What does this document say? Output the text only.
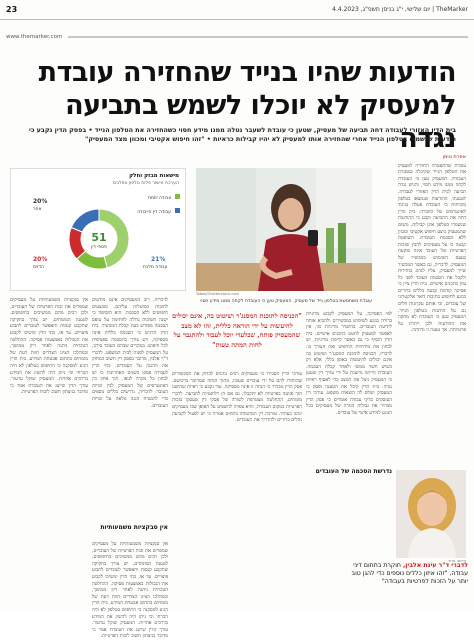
23	TheMarker | יום שלישי, י"ג בניסן תשפ"ג, 4.4.2023
www.themarker.com
הודעות שהיו בנייד שהחזירה עובדת למעסיק לא יוכלו לשמש בתביעה נגדה
בית הדין האזורי לעבודה דחה תביעה של מעסיק, שטען כי עובדת לשעבר נטלה ממנו מידע חסוי כשהחזירה את הטלפון הנייד • בפסק הדין נקבע כי הודעות שנשמרו בטלפון הנייד אחרי שהחזירה אותו למעסיק לא יהיו קבילות כראיות • "זהו חיפוש אקטיבי ומכוון מצד המעסיק"
אפרת נוימן
עובדת שהתפטרה החזירה למעסיק את הטלפון הנייד שקיבלה במסגרת העבודה. המעסיק טען כי העובדת לקחה ממנו מידע חסוי, והגיש נגדה תביעה לבית הדין האזורי לעבודה. לטענתו, ההודעות שנמצאו בטלפון מוכיחות כי העובדת פעלה בניגוד לאינטרסים של החברה. בית הדין דחה את התביעה וקבע כי ההודעות שנשמרו בטלפון אינן קבילות, משום שהמעסיק ביצע חיפוש אקטיבי ומכוון ללא הסכמת העובדת. השופטת קבעה כי על מעסיקים להבין שזכות הפרטיות של העובד אינה פוקעת בעצם השימוש במכשיר של המעסיק. לדבריה, גם כאשר המכשיר שייך למעסיק, עליו לנהוג בזהירות ולקבל את הסכמת העובד לפני כל עיון בתכנים אישיים. בית הדין ציין כי פסיקה קודמת קבעה כללים ברורים בנוגע לחיפוש בתיבות דואר אלקטרוני של עובדים, וכי אותם עקרונות חלים גם על הודעות בטלפון הנייד. המעסיק טען כי העובדת לא מחקה את ההודעות ולכן ויתרה על פרטיותה, אך טענה זו נדחתה.
מישאות מבזק וחלק
הערכת אישור פלות טלפון טפלגים
51
פספי דין
20%
אחר
20%
הדזים
21%
עבודה מלכת
צבודה יוזמת
עבודה דין הייבודה
Tobes/Shutterstock.com
עובדת משתמשת בטלפון נייד של מעסיק. המעסיק טען כי העובדת לקחה ממנו מידע חסוי
לפי הפסיקה, על המעסיק לקבוע מדיניות ברורה בנוגע לשימוש במכשירים ולהביא אותה לידיעת העובדים. בהיעדר מדיניות כזו, אין לאפשר למעסיק לחטט בתכנים אישיים. בית הדין הוסיף כי גם כאשר קיימת מדיניות, יש לבחון את מידתיות החיפוש ואת הצורך בו. לדבריו, הכניסה לתוכנת המסנג'ר ושיטוט בה אינם יכולים להיעשות באופן כללי, אלא רק כשיש חשד ממשי ולאחר קבלת הסכמה. העובדת הייתה מיוצגת על ידי עורך דין שטען כי המעסיק ניצל את המצב כדי לאסוף ראיות נגדה. בית הדין קיבל את הטענה ופסק כי המעסיק ישלם לה הוצאות משפט. עורכי דין העוסקים בדיני עבודה אומרים כי פסק הדין מבהיר את גבולות הגזרה של מעסיקים בכל הנוגע למידע אישי של עובדים.
"הכניסה לתוכנת המסנג'ר ושיטוט בה, אינם יכולים להיעשות על ידי הוראה כללית, זהו לא מצב שהמעסיק פותח, שבלעדי יוכל לעבוד ולהתגבר על לחות המתה טעות"
עורכי הדין הסבירו כי מעסיקים רבים נוהגים לבדוק את המכשירים שהוחזרו להם על ידי עובדים שעזבו, מתוך הנחה שמדובר ברכושם. פסק הדין מבהיר כי הנחה זו אינה מספיקה. עוד נקבע כי ראיות שהושגו תוך פגיעה בפרטיות לא יתקבלו, גם אם הן רלוונטיות לתביעה. לדברי מומחים, ההחלטה מצטרפת לשורה של פסקי דין שעסקו בזכות הפרטיות במקום העבודה, והיא צפויה להשפיע על האופן שבו מעסיקים ינהגו בעתיד. עורכת דין המתמחה בתחום אמרה כי יש לפעול לקביעת נהלים ברורים ולהדריך את העובדים.
לדבריה, רוב המעסיקים אינם מודעים לחובות המוטלות עליהם, ומבצעים חיפושים ללא הסכמה. היא הוסיפה כי ישנה חשיבות גדולה לחתימה על טופס הסכמה מפורש בעת קבלת המכשיר. בית הדין הדגיש כי הסכמה כללית אינה מספיקה, ויש צורך בהסכמה ספציפית לכל חיפוש. במקרים שבהם העובד סירב, על המעסיק לפנות לבית המשפט. לדברי ד"ר אלבין, מדובר בפסק דין חשוב המחזק את ההגנה על העובדים. בתי הדין לעבודה פסקו בשנים האחרונות כי יש לבחון כל מקרה לגופו, תוך איזון בין האינטרסים של המעסיק לבין זכויות העובד. לדבריה, נדרשים כללים נוספים כדי להבטיח הגנה מלאה על זכויות העובדים.
אין סבקציות משמעותיות
אין סנקציות משמעותיות על מעסיקים שמפרים את זכות הפרטיות של העובדים, ולכן רבים מהם ממשיכים בחיפושים. לטענת המומחים, יש צורך בחקיקה שתקבע קנסות ותאפשר לעובדים לתבוע פיצויים. עד אז, בתי הדין ימשיכו לקבוע את הגבולות באמצעות פסיקה. ההחלטה הנוכחית ניתנה לאחר דיון ממושך, ובמהלכו הציגו הצדדים חוות דעת של מומחים בתחום אבטחת המידע. בית הדין הגיע למסקנה כי החיפוש בטלפון לא היה הכרחי וכי ניתן היה להשיג את המידע בדרכים אחרות. המעסיק שוקל ערעור. עורך הדין שייצג את העובדת אמר כי מדובר בניצחון חשוב לזכות הפרטיות.
אין סנקציות משמעותיות על מעסיקים שמפרים את זכות הפרטיות של העובדים, ולכן רבים מהם ממשיכים בחיפושים. לטענת המומחים, יש צורך בחקיקה שתקבע קנסות ותאפשר לעובדים לתבוע פיצויים. עד אז, בתי הדין ימשיכו לקבוע את הגבולות באמצעות פסיקה. ההחלטה הנוכחית ניתנה לאחר דיון ממושך, ובמהלכו הציגו הצדדים חוות דעת של מומחים בתחום אבטחת המידע. בית הדין הגיע למסקנה כי החיפוש בטלפון לא היה הכרחי וכי ניתן היה להשיג את המידע בדרכים אחרות. המעסיק שוקל ערעור. עורך הדין שייצג את העובדת אמר כי מדובר בניצחון חשוב לזכות הפרטיות.
צילום: פרטי
לדברי ד"ר עינת אלבין, חוקרת בתחום דיני עבודה, "זהו איזון כללים נוספים כדי להגן טוב יותר על הזכות לפרטיות בעבודה"
נדרשת הסכמה של העובדים
